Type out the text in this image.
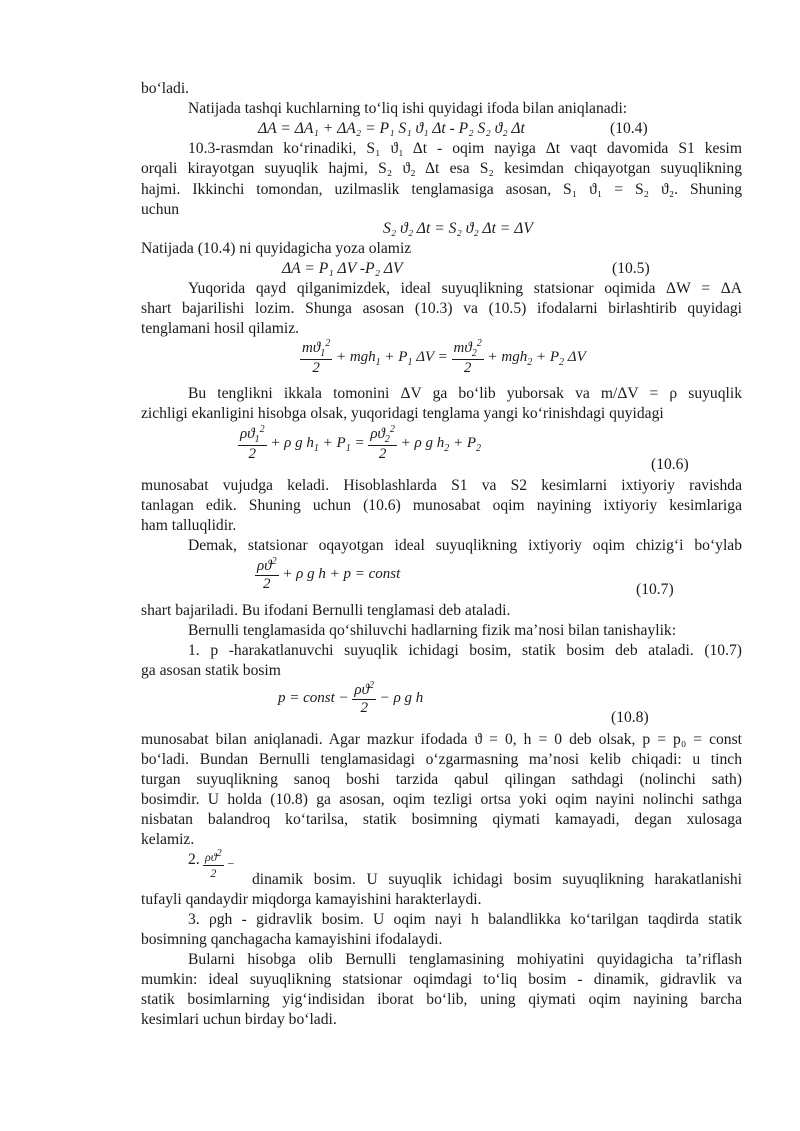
bo‘ladi.
Natijada tashqi kuchlarning to‘liq ishi quyidagi ifoda bilan aniqlanadi:
ΔA = ΔA₁ + ΔA₂ = P₁ S₁ ϑ₁ Δt - P₂ S₂ ϑ₂ Δt	(10.4)
10.3-rasmdan ko‘rinadiki, S₁ ϑ₁ Δt - oqim nayiga Δt vaqt davomida S1 kesim
orqali kirayotgan suyuqlik hajmi, S₂ ϑ₂ Δt esa S₂ kesimdan chiqayotgan suyuqlikning
hajmi. Ikkinchi tomondan, uzilmaslik tenglamasiga asosan, S₁ ϑ₁ = S₂ ϑ₂. Shuning
uchun
S₂ ϑ₂ Δt = S₂ ϑ₂ Δt = ΔV
Natijada (10.4) ni quyidagicha yoza olamiz
ΔA = P₁ ΔV -P₂ ΔV	(10.5)
Yuqorida qayd qilganimizdek, ideal suyuqlikning statsionar oqimida ΔW = ΔA
shart bajarilishi lozim. Shunga asosan (10.3) va (10.5) ifodalarni birlashtirib quyidagi
tenglamani hosil qilamiz.
$\frac{mϑ_1^2}{2} + mgh_1 + P_1$ $\Delta V = \frac{mϑ_2^2}{2} + mgh_2 + P_2$ ΔV
Bu tenglikni ikkala tomonini ΔV ga bo‘lib yuborsak va m/ΔV = ρ suyuqlik
zichligi ekanligini hisobga olsak, yuqoridagi tenglama yangi ko‘rinishdagi quyidagi
$\frac{\rho ϑ_1^2}{2} + \rho$ g $h_1 + P_1 = \frac{\rho ϑ_2^2}{2} + \rho$ g $h_2 + P_2$
(10.6)
munosabat vujudga keladi. Hisoblashlarda S1 va S2 kesimlarni ixtiyoriy ravishda
tanlagan edik. Shuning uchun (10.6) munosabat oqim nayining ixtiyoriy kesimlariga
ham talluqlidir.
Demak, statsionar oqayotgan ideal suyuqlikning ixtiyoriy oqim chizig‘i bo‘ylab
$\frac{\rho ϑ^2}{2} + \rho$ g h + p = const
(10.7)
shart bajariladi. Bu ifodani Bernulli tenglamasi deb ataladi.
Bernulli tenglamasida qo‘shiluvchi hadlarning fizik ma’nosi bilan tanishaylik:
1. p -harakatlanuvchi suyuqlik ichidagi bosim, statik bosim deb ataladi. (10.7)
ga asosan statik bosim
p = const − $\frac{\rho ϑ^2}{2} - \rho$ g h
(10.8)
munosabat bilan aniqlanadi. Agar mazkur ifodada ϑ = 0, h = 0 deb olsak, p = p₀ = const
bo‘ladi. Bundan Bernulli tenglamasidagi o‘zgarmasning ma’nosi kelib chiqadi: u tinch
turgan suyuqlikning sanoq boshi tarzida qabul qilingan sathdagi (nolinchi sath)
bosimdir. U holda (10.8) ga asosan, oqim tezligi ortsa yoki oqim nayini nolinchi sathga
nisbatan balandroq ko‘tarilsa, statik bosimning qiymati kamayadi, degan xulosaga
kelamiz.
2. $\frac{\rho ϑ^2}{2}$ −
dinamik bosim. U suyuqlik ichidagi bosim suyuqlikning harakatlanishi
tufayli qandaydir miqdorga kamayishini harakterlaydi.
3. ρgh - gidravlik bosim. U oqim nayi h balandlikka ko‘tarilgan taqdirda statik
bosimning qanchagacha kamayishini ifodalaydi.
Bularni hisobga olib Bernulli tenglamasining mohiyatini quyidagicha ta’riflash
mumkin: ideal suyuqlikning statsionar oqimdagi to‘liq bosim - dinamik, gidravlik va
statik bosimlarning yig‘indisidan iborat bo‘lib, uning qiymati oqim nayining barcha
kesimlari uchun birday bo‘ladi.
